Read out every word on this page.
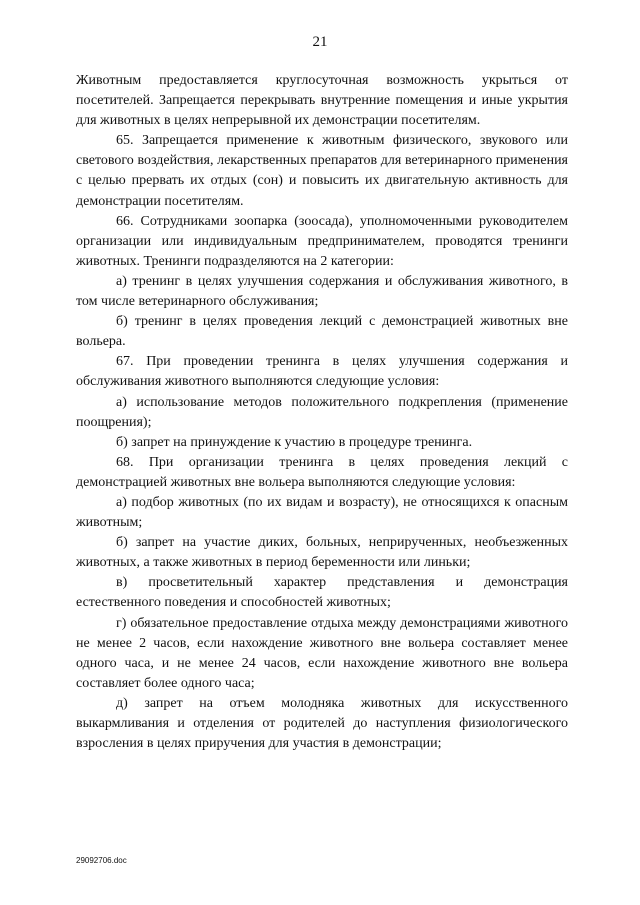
21

Животным предоставляется круглосуточная возможность укрыться от посетителей. Запрещается перекрывать внутренние помещения и иные укрытия для животных в целях непрерывной их демонстрации посетителям.

65. Запрещается применение к животным физического, звукового или светового воздействия, лекарственных препаратов для ветеринарного применения с целью прервать их отдых (сон) и повысить их двигательную активность для демонстрации посетителям.

66. Сотрудниками зоопарка (зоосада), уполномоченными руководителем организации или индивидуальным предпринимателем, проводятся тренинги животных. Тренинги подразделяются на 2 категории:

а) тренинг в целях улучшения содержания и обслуживания животного, в том числе ветеринарного обслуживания;

б) тренинг в целях проведения лекций с демонстрацией животных вне вольера.

67. При проведении тренинга в целях улучшения содержания и обслуживания животного выполняются следующие условия:

а) использование методов положительного подкрепления (применение поощрения);

б) запрет на принуждение к участию в процедуре тренинга.

68. При организации тренинга в целях проведения лекций с демонстрацией животных вне вольера выполняются следующие условия:

а) подбор животных (по их видам и возрасту), не относящихся к опасным животным;

б) запрет на участие диких, больных, неприрученных, необъезженных животных, а также животных в период беременности или линьки;

в) просветительный характер представления и демонстрация естественного поведения и способностей животных;

г) обязательное предоставление отдыха между демонстрациями животного не менее 2 часов, если нахождение животного вне вольера составляет менее одного часа, и не менее 24 часов, если нахождение животного вне вольера составляет более одного часа;

д) запрет на отъем молодняка животных для искусственного выкармливания и отделения от родителей до наступления физиологического взросления в целях приручения для участия в демонстрации;

29092706.doc
